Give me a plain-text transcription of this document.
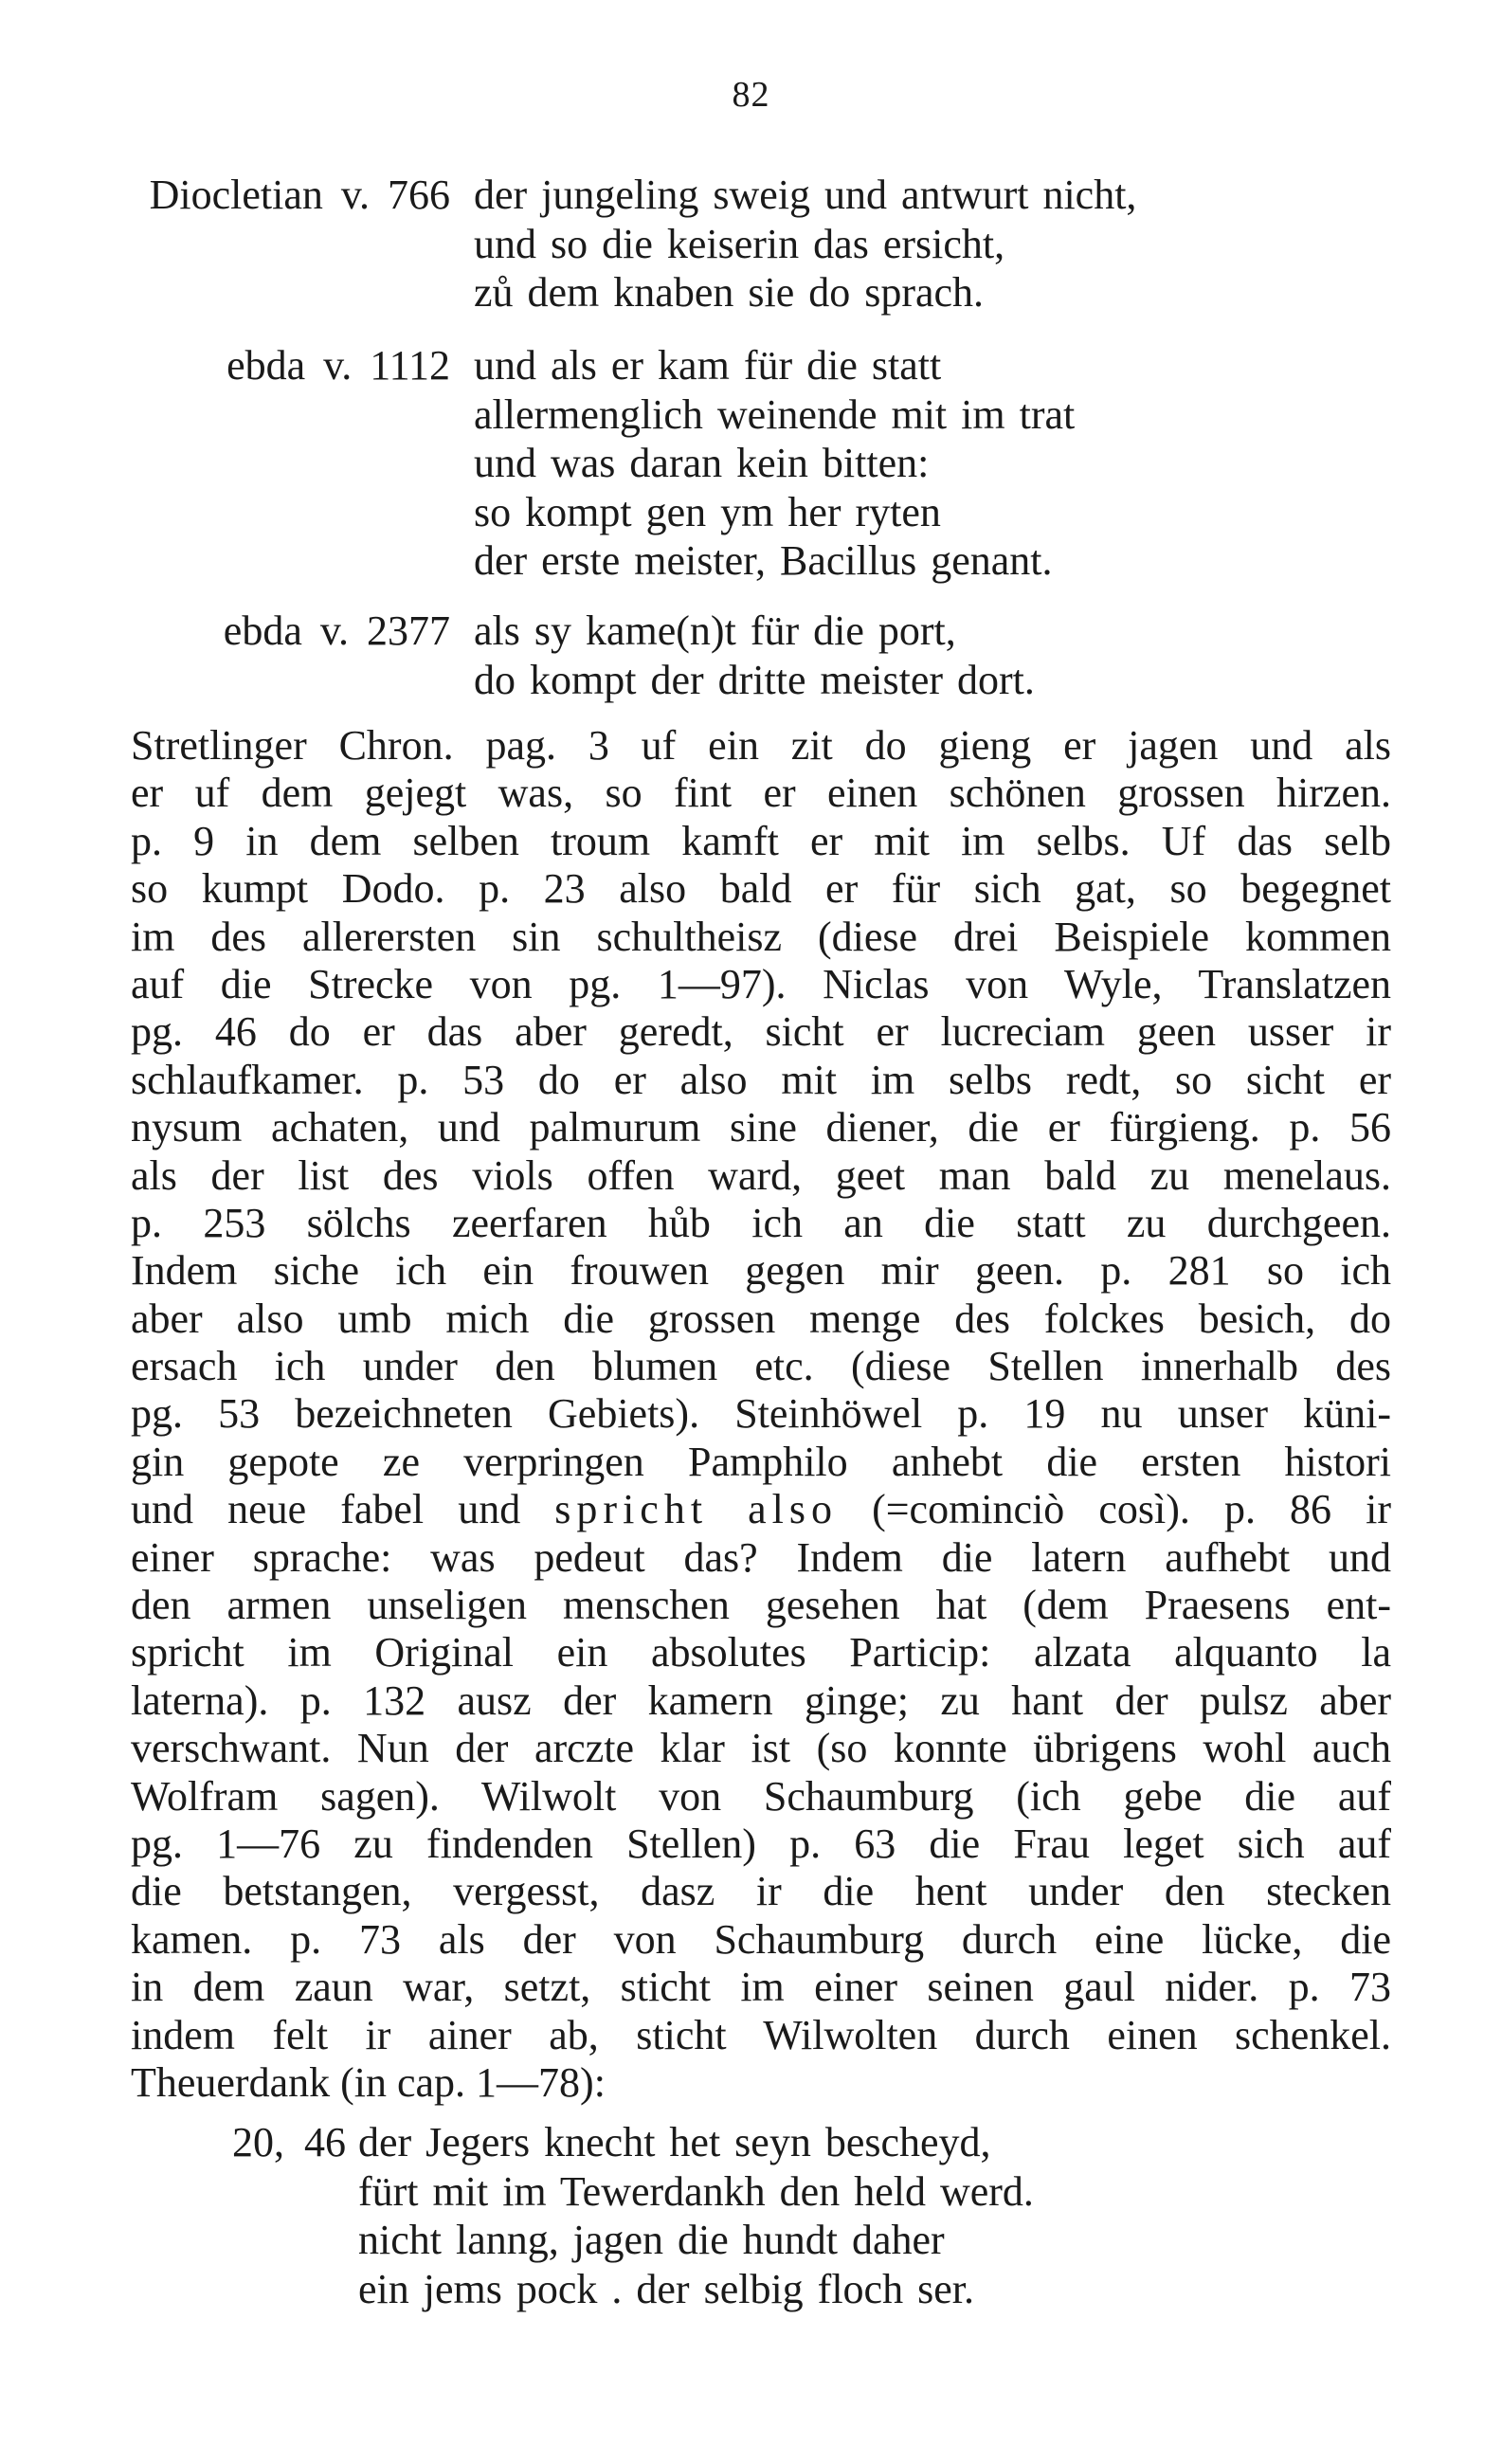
82
Diocletian v. 766 der jungeling sweig und antwurt nicht,
und so die keiserin das ersicht,
zů dem knaben sie do sprach.
ebda v. 1112 und als er kam für die statt
allermenglich weinende mit im trat
und was daran kein bitten:
so kompt gen ym her ryten
der erste meister, Bacillus genant.
ebda v. 2377 als sy kame(n)t für die port,
do kompt der dritte meister dort.
Stretlinger Chron. pag. 3 uf ein zit do gieng er jagen und als
er uf dem gejegt was, so fint er einen schönen grossen hirzen.
p. 9 in dem selben troum kamft er mit im selbs. Uf das selb
so kumpt Dodo. p. 23 also bald er für sich gat, so begegnet
im des allerersten sin schultheisz (diese drei Beispiele kommen
auf die Strecke von pg. 1—97). Niclas von Wyle, Translatzen
pg. 46 do er das aber geredt, sicht er lucreciam geen usser ir
schlaufkamer. p. 53 do er also mit im selbs redt, so sicht er
nysum achaten, und palmurum sine diener, die er fürgieng. p. 56
als der list des viols offen ward, geet man bald zu menelaus.
p. 253 sölchs zeerfaren hůb ich an die statt zu durchgeen.
Indem siche ich ein frouwen gegen mir geen. p. 281 so ich
aber also umb mich die grossen menge des folckes besich, do
ersach ich under den blumen etc. (diese Stellen innerhalb des
pg. 53 bezeichneten Gebiets). Steinhöwel p. 19 nu unser küni-
gin gepote ze verpringen Pamphilo anhebt die ersten histori
und neue fabel und spricht also (=cominciò così). p. 86 ir
einer sprache: was pedeut das? Indem die latern aufhebt und
den armen unseligen menschen gesehen hat (dem Praesens ent-
spricht im Original ein absolutes Particip: alzata alquanto la
laterna). p. 132 ausz der kamern ginge; zu hant der pulsz aber
verschwant. Nun der arczte klar ist (so konnte übrigens wohl auch
Wolfram sagen). Wilwolt von Schaumburg (ich gebe die auf
pg. 1—76 zu findenden Stellen) p. 63 die Frau leget sich auf
die betstangen, vergesst, dasz ir die hent under den stecken
kamen. p. 73 als der von Schaumburg durch eine lücke, die
in dem zaun war, setzt, sticht im einer seinen gaul nider. p. 73
indem felt ir ainer ab, sticht Wilwolten durch einen schenkel.
Theuerdank (in cap. 1—78):
20, 46 der Jegers knecht het seyn bescheyd,
fürt mit im Tewerdankh den held werd.
nicht lanng, jagen die hundt daher
ein jems pock . der selbig floch ser.
